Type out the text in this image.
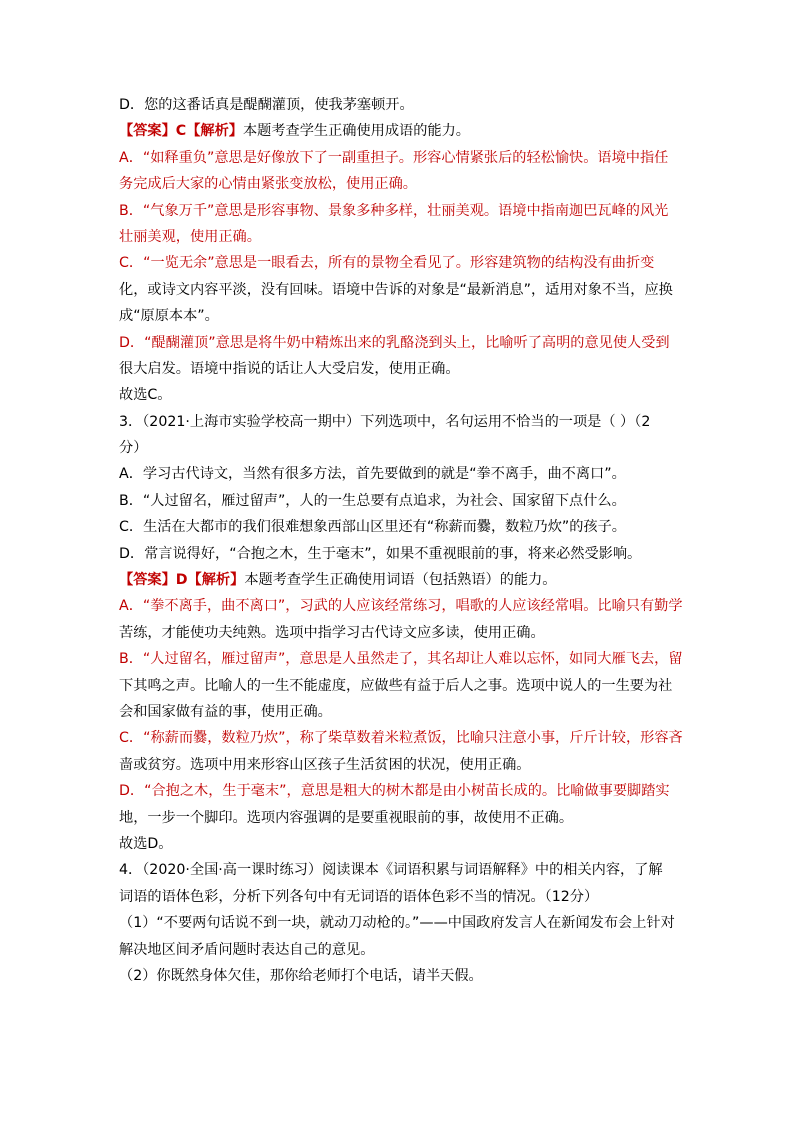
D．您的这番话真是醍醐灌顶，使我茅塞顿开。
【答案】C【解析】本题考查学生正确使用成语的能力。
A．“如释重负”意思是好像放下了一副重担子。形容心情紧张后的轻松愉快。语境中指任
务完成后大家的心情由紧张变放松，使用正确。
B．“气象万千”意思是形容事物、景象多种多样，壮丽美观。语境中指南迦巴瓦峰的风光
壮丽美观，使用正确。
C．“一览无余”意思是一眼看去，所有的景物全看见了。形容建筑物的结构没有曲折变
化，或诗文内容平淡，没有回味。语境中告诉的对象是“最新消息”，适用对象不当，应换
成“原原本本”。
D．“醍醐灌顶”意思是将牛奶中精炼出来的乳酪浇到头上，比喻听了高明的意见使人受到
很大启发。语境中指说的话让人大受启发，使用正确。
故选C。
3．（2021·上海市实验学校高一期中）下列选项中，名句运用不恰当的一项是（ ）（2
分）
A．学习古代诗文，当然有很多方法，首先要做到的就是“拳不离手，曲不离口”。
B．“人过留名，雁过留声”，人的一生总要有点追求，为社会、国家留下点什么。
C．生活在大都市的我们很难想象西部山区里还有“称薪而爨，数粒乃炊”的孩子。
D．常言说得好，“合抱之木，生于毫末”，如果不重视眼前的事，将来必然受影响。
【答案】D【解析】本题考查学生正确使用词语（包括熟语）的能力。
A．“拳不离手，曲不离口”，习武的人应该经常练习，唱歌的人应该经常唱。比喻只有勤学
苦练，才能使功夫纯熟。选项中指学习古代诗文应多读，使用正确。
B．“人过留名，雁过留声”，意思是人虽然走了，其名却让人难以忘怀，如同大雁飞去，留
下其鸣之声。比喻人的一生不能虚度，应做些有益于后人之事。选项中说人的一生要为社
会和国家做有益的事，使用正确。
C．“称薪而爨，数粒乃炊”，称了柴草数着米粒煮饭，比喻只注意小事，斤斤计较，形容吝
啬或贫穷。选项中用来形容山区孩子生活贫困的状况，使用正确。
D．“合抱之木，生于毫末”，意思是粗大的树木都是由小树苗长成的。比喻做事要脚踏实
地，一步一个脚印。选项内容强调的是要重视眼前的事，故使用不正确。
故选D。
4．（2020·全国·高一课时练习）阅读课本《词语积累与词语解释》中的相关内容，了解
词语的语体色彩，分析下列各句中有无词语的语体色彩不当的情况。（12分）
（1）“不要两句话说不到一块，就动刀动枪的。”——中国政府发言人在新闻发布会上针对
解决地区间矛盾问题时表达自己的意见。
（2）你既然身体欠佳，那你给老师打个电话，请半天假。
